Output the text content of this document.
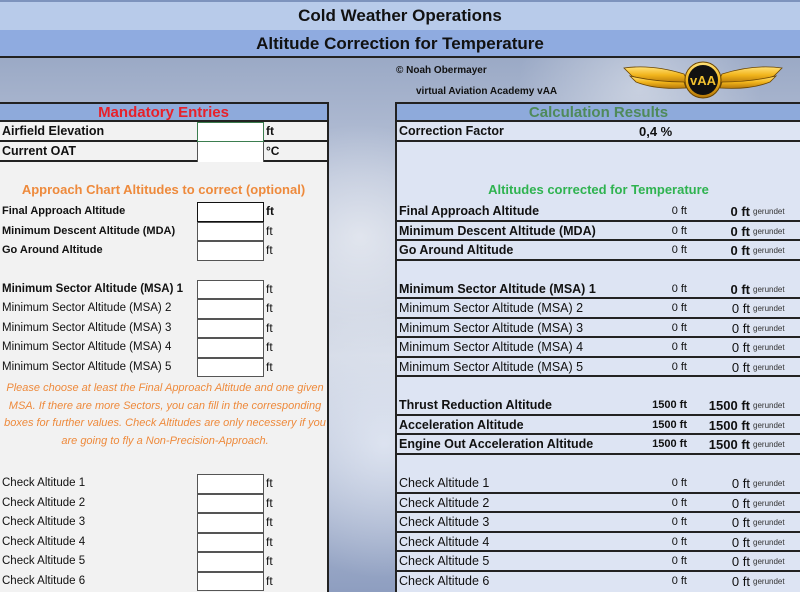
Cold Weather Operations
Altitude Correction for Temperature
© Noah Obermayer
virtual Aviation Academy vAA
vAA
Mandatory Entries
Airfield Elevation	ft
Current OAT	°C
Approach Chart Altitudes to correct (optional)
Final Approach Altitude	ft
Minimum Descent Altitude (MDA)	ft
Go Around Altitude	ft
Minimum Sector Altitude (MSA) 1	ft
Minimum Sector Altitude (MSA) 2	ft
Minimum Sector Altitude (MSA) 3	ft
Minimum Sector Altitude (MSA) 4	ft
Minimum Sector Altitude (MSA) 5	ft
Please choose at least the Final Approach Altitude and one given MSA. If there are more Sectors, you can fill in the corresponding boxes for further values. Check Altitudes are only necessery if you are going to fly a Non-Precision-Approach.
Check Altitude 1	ft
Check Altitude 2	ft
Check Altitude 3	ft
Check Altitude 4	ft
Check Altitude 5	ft
Check Altitude 6	ft
Calculation Results
Correction Factor	0,4 %
Altitudes corrected for Temperature
Final Approach Altitude	0 ft	0 ft gerundet
Minimum Descent Altitude (MDA)	0 ft	0 ft gerundet
Go Around Altitude	0 ft	0 ft gerundet
Minimum Sector Altitude (MSA) 1	0 ft	0 ft gerundet
Minimum Sector Altitude (MSA) 2	0 ft	0 ft gerundet
Minimum Sector Altitude (MSA) 3	0 ft	0 ft gerundet
Minimum Sector Altitude (MSA) 4	0 ft	0 ft gerundet
Minimum Sector Altitude (MSA) 5	0 ft	0 ft gerundet
Thrust Reduction Altitude	1500 ft	1500 ft gerundet
Acceleration Altitude	1500 ft	1500 ft gerundet
Engine Out Acceleration Altitude	1500 ft	1500 ft gerundet
Check Altitude 1	0 ft	0 ft gerundet
Check Altitude 2	0 ft	0 ft gerundet
Check Altitude 3	0 ft	0 ft gerundet
Check Altitude 4	0 ft	0 ft gerundet
Check Altitude 5	0 ft	0 ft gerundet
Check Altitude 6	0 ft	0 ft gerundet
